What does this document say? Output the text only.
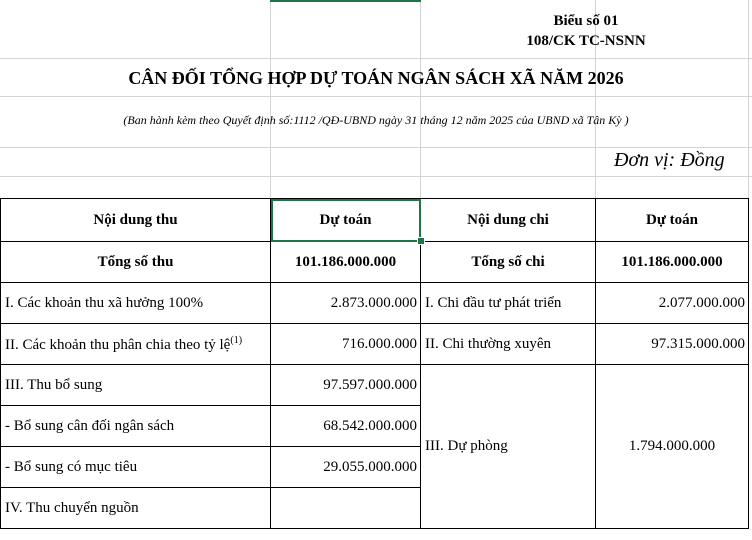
Biểu số 01
108/CK TC-NSNN
CÂN ĐỐI TỔNG HỢP DỰ TOÁN NGÂN SÁCH XÃ NĂM 2026
(Ban hành kèm theo Quyết định số:1112 /QĐ-UBND ngày 31 tháng 12 năm 2025 của UBND xã Tân Kỳ )
Đơn vị: Đồng
Nội dung thu	Dự toán	Nội dung chi	Dự toán
Tổng số thu	101.186.000.000	Tổng số chi	101.186.000.000
I. Các khoản thu xã hưởng 100%	2.873.000.000	I. Chi đầu tư phát triển	2.077.000.000
II. Các khoản thu phân chia theo tỷ lệ$^{(1)}$	716.000.000	II. Chi thường xuyên	97.315.000.000
III. Thu bổ sung	97.597.000.000	III. Dự phòng	1.794.000.000
- Bổ sung cân đối ngân sách	68.542.000.000		
- Bổ sung có mục tiêu	29.055.000.000		
IV. Thu chuyển nguồn			
